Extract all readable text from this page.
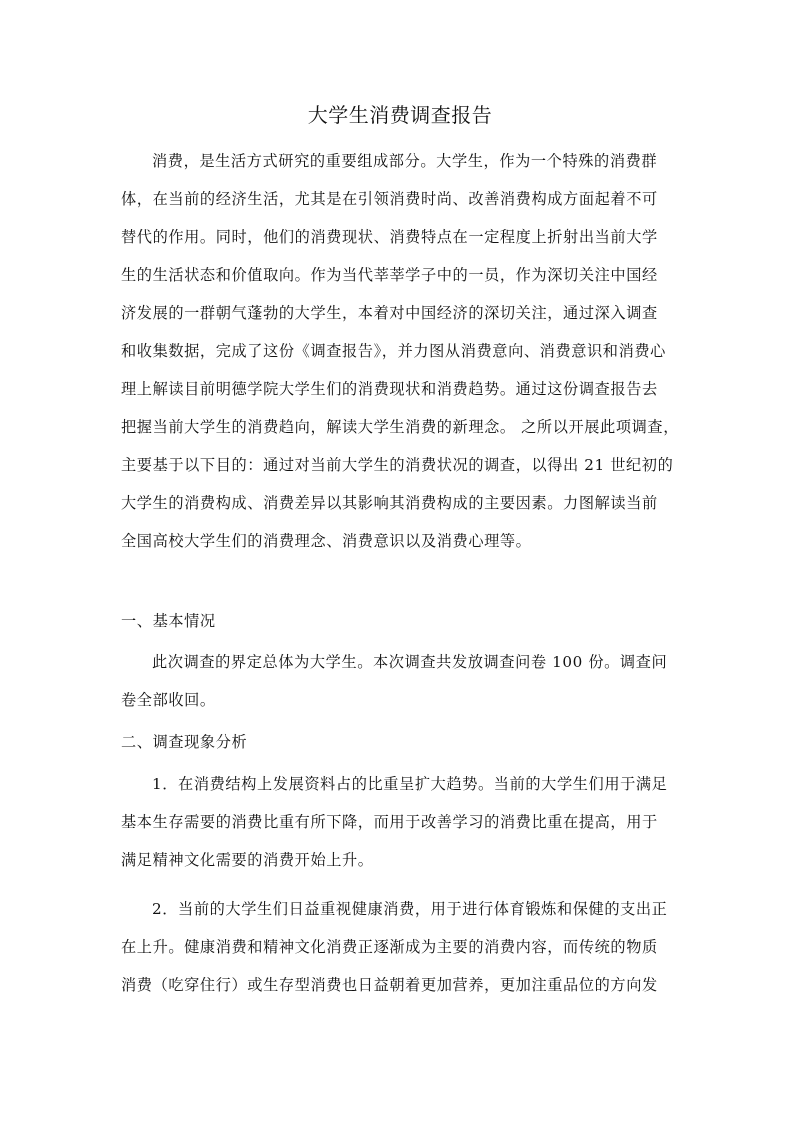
大学生消费调查报告
消费，是生活方式研究的重要组成部分。大学生，作为一个特殊的消费群
体，在当前的经济生活，尤其是在引领消费时尚、改善消费构成方面起着不可
替代的作用。同时，他们的消费现状、消费特点在一定程度上折射出当前大学
生的生活状态和价值取向。作为当代莘莘学子中的一员，作为深切关注中国经
济发展的一群朝气蓬勃的大学生，本着对中国经济的深切关注，通过深入调查
和收集数据，完成了这份《调查报告》，并力图从消费意向、消费意识和消费心
理上解读目前明德学院大学生们的消费现状和消费趋势。通过这份调查报告去
把握当前大学生的消费趋向，解读大学生消费的新理念。 之所以开展此项调查，
主要基于以下目的：通过对当前大学生的消费状况的调查，以得出 21 世纪初的
大学生的消费构成、消费差异以其影响其消费构成的主要因素。力图解读当前
全国高校大学生们的消费理念、消费意识以及消费心理等。
一、基本情况
此次调查的界定总体为大学生。本次调查共发放调查问卷 100 份。调查问
卷全部收回。
二、调查现象分析
1．在消费结构上发展资料占的比重呈扩大趋势。当前的大学生们用于满足
基本生存需要的消费比重有所下降，而用于改善学习的消费比重在提高，用于
满足精神文化需要的消费开始上升。
2．当前的大学生们日益重视健康消费，用于进行体育锻炼和保健的支出正
在上升。健康消费和精神文化消费正逐渐成为主要的消费内容，而传统的物质
消费（吃穿住行）或生存型消费也日益朝着更加营养，更加注重品位的方向发
